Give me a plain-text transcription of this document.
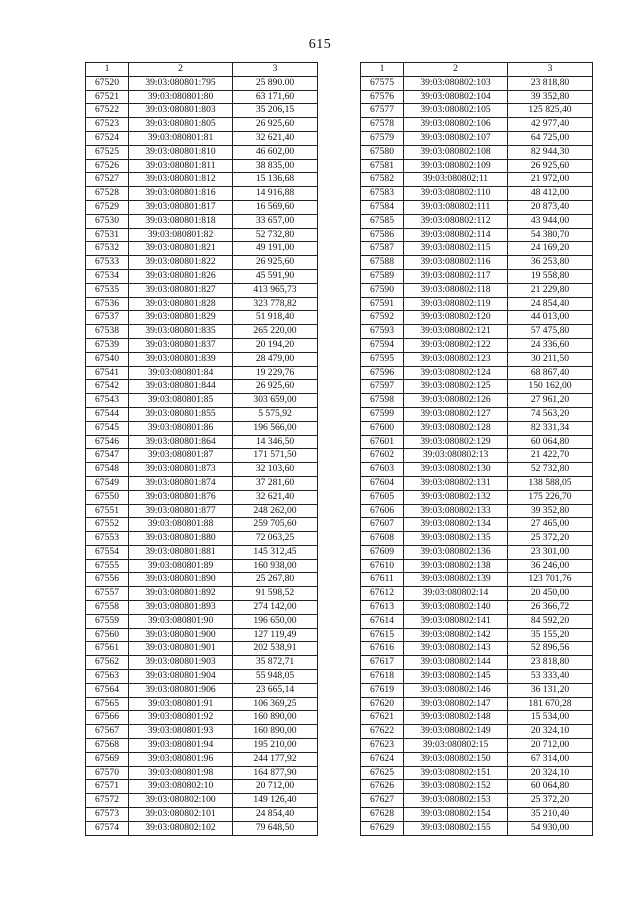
615
1	2	3
67520	39:03:080801:795	25 890.00
67521	39:03:080801:80	63 171,60
67522	39:03:080801:803	35 206,15
67523	39:03:080801:805	26 925,60
67524	39:03:080801:81	32 621,40
67525	39:03:080801:810	46 602,00
67526	39:03:080801:811	38 835,00
67527	39:03:080801:812	15 136,68
67528	39:03:080801:816	14 916,88
67529	39:03:080801:817	16 569,60
67530	39:03:080801:818	33 657,00
67531	39:03:080801:82	52 732,80
67532	39:03:080801:821	49 191,00
67533	39:03:080801:822	26 925,60
67534	39:03:080801:826	45 591,90
67535	39:03:080801:827	413 965,73
67536	39:03:080801:828	323 778,82
67537	39:03:080801:829	51 918,40
67538	39:03:080801:835	265 220,00
67539	39:03:080801:837	20 194,20
67540	39:03:080801:839	28 479,00
67541	39:03:080801:84	19 229,76
67542	39:03:080801:844	26 925,60
67543	39:03:080801:85	303 659,00
67544	39:03:080801:855	5 575,92
67545	39:03:080801:86	196 566,00
67546	39:03:080801:864	14 346,50
67547	39:03:080801:87	171 571,50
67548	39:03:080801:873	32 103,60
67549	39:03:080801:874	37 281,60
67550	39:03:080801:876	32 621,40
67551	39:03:080801:877	248 262,00
67552	39:03:080801:88	259 705,60
67553	39:03:080801:880	72 063,25
67554	39:03:080801:881	145 312,45
67555	39:03:080801:89	160 938,00
67556	39:03:080801:890	25 267,80
67557	39:03:080801:892	91 598,52
67558	39:03:080801:893	274 142,00
67559	39:03:080801:90	196 650,00
67560	39:03:080801:900	127 119,49
67561	39:03:080801:901	202 538,91
67562	39:03:080801:903	35 872,71
67563	39:03:080801:904	55 948,05
67564	39:03:080801:906	23 665,14
67565	39:03:080801:91	106 369,25
67566	39:03:080801:92	160 890,00
67567	39:03:080801:93	160 890,00
67568	39:03:080801:94	195 210,00
67569	39:03:080801:96	244 177,92
67570	39:03:080801:98	164 877,90
67571	39:03:080802:10	20 712,00
67572	39:03:080802:100	149 126,40
67573	39:03:080802:101	24 854,40
67574	39:03:080802:102	79 648,50
1	2	3
67575	39:03:080802:103	23 818,80
67576	39:03:080802:104	39 352,80
67577	39:03:080802:105	125 825,40
67578	39:03:080802:106	42 977,40
67579	39:03:080802:107	64 725,00
67580	39:03:080802:108	82 944,30
67581	39:03:080802:109	26 925,60
67582	39:03:080802:11	21 972,00
67583	39:03:080802:110	48 412,00
67584	39:03:080802:111	20 873,40
67585	39:03:080802:112	43 944,00
67586	39:03:080802:114	54 380,70
67587	39:03:080802:115	24 169,20
67588	39:03:080802:116	36 253,80
67589	39:03:080802:117	19 558,80
67590	39:03:080802:118	21 229,80
67591	39:03:080802:119	24 854,40
67592	39:03:080802:120	44 013,00
67593	39:03:080802:121	57 475,80
67594	39:03:080802:122	24 336,60
67595	39:03:080802:123	30 211,50
67596	39:03:080802:124	68 867,40
67597	39:03:080802:125	150 162,00
67598	39:03:080802:126	27 961,20
67599	39:03:080802:127	74 563,20
67600	39:03:080802:128	82 331,34
67601	39:03:080802:129	60 064,80
67602	39:03:080802:13	21 422,70
67603	39:03:080802:130	52 732,80
67604	39:03:080802:131	138 588,05
67605	39:03:080802:132	175 226,70
67606	39:03:080802:133	39 352,80
67607	39:03:080802:134	27 465,00
67608	39:03:080802:135	25 372,20
67609	39:03:080802:136	23 301,00
67610	39:03:080802:138	36 246,00
67611	39:03:080802:139	123 701,76
67612	39:03:080802:14	20 450,00
67613	39:03:080802:140	26 366,72
67614	39:03:080802:141	84 592,20
67615	39:03:080802:142	35 155,20
67616	39:03:080802:143	52 896,56
67617	39:03:080802:144	23 818,80
67618	39:03:080802:145	53 333,40
67619	39:03:080802:146	36 131,20
67620	39:03:080802:147	181 670,28
67621	39:03:080802:148	15 534,00
67622	39:03:080802:149	20 324,10
67623	39:03:080802:15	20 712,00
67624	39:03:080802:150	67 314,00
67625	39:03:080802:151	20 324,10
67626	39:03:080802:152	60 064,80
67627	39:03:080802:153	25 372,20
67628	39:03:080802:154	35 210,40
67629	39:03:080802:155	54 930,00
